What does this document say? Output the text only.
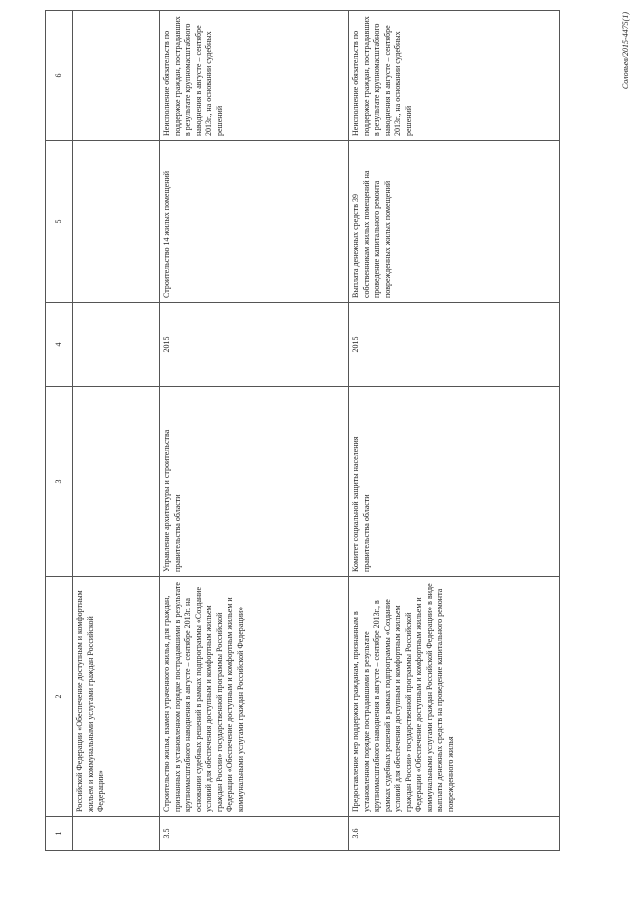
1	2	3	4	5	6
	Российской Федерации «Обеспечение доступным и комфортным жильем и коммунальными услугами граждан Российской Федерации»				
3.5	Строительство жилья, взамен утраченного жилья, для граждан, признанных в установленном порядке пострадавшими в результате крупномасштабного наводнения в августе – сентябре 2013г. на основании судебных решений в рамках подпрограммы «Создание условий для обеспечения доступным и комфортным жильем граждан России» государственной программы Российской Федерации «Обеспечение доступным и комфортным жильем и коммунальными услугами граждан Российской Федерации»	Управление архитектуры и строительства правительства области	2015	Строительство 14 жилых помещений	Неисполнение обязательств по поддержке граждан, пострадавших в результате крупномасштабного наводнения в августе – сентябре 2013г., на основании судебных решений
3.6	Предоставление мер поддержки гражданам, признанным в установленном порядке пострадавшими в результате крупномасштабного наводнения в августе – сентябре 2013г., в рамках судебных решений в рамках подпрограммы «Создание условий для обеспечения доступным и комфортным жильем граждан России» государственной программы Российской Федерации «Обеспечение доступным и комфортным жильем и коммунальными услугами граждан Российской Федерации» в виде выплаты денежных средств на проведение капитального ремонта поврежденного жилья	Комитет социальной защиты населения правительства области	2015	Выплата денежных средств 39 собственникам жилых помещений на проведение капитального ремонта поврежденных жилых помещений	Неисполнение обязательств по поддержке граждан, пострадавших в результате крупномасштабного наводнения в августе – сентябре 2013г., на основании судебных решений
Соловьев/2015-4475(1)
